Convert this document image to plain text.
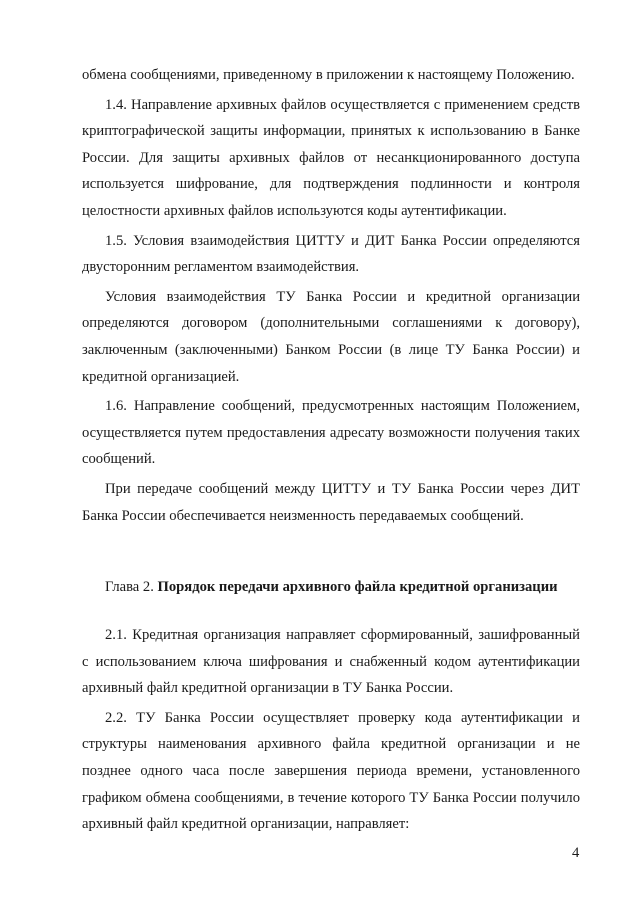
обмена сообщениями, приведенному в приложении к настоящему Положению.

1.4. Направление архивных файлов осуществляется с применением средств криптографической защиты информации, принятых к использованию в Банке России. Для защиты архивных файлов от несанкционированного доступа используется шифрование, для подтверждения подлинности и контроля целостности архивных файлов используются коды аутентификации.

1.5. Условия взаимодействия ЦИТТУ и ДИТ Банка России определяются двусторонним регламентом взаимодействия.

Условия взаимодействия ТУ Банка России и кредитной организации определяются договором (дополнительными соглашениями к договору), заключенным (заключенными) Банком России (в лице ТУ Банка России) и кредитной организацией.

1.6. Направление сообщений, предусмотренных настоящим Положением, осуществляется путем предоставления адресату возможности получения таких сообщений.

При передаче сообщений между ЦИТТУ и ТУ Банка России через ДИТ Банка России обеспечивается неизменность передаваемых сообщений.

Глава 2. Порядок передачи архивного файла кредитной организации

2.1. Кредитная организация направляет сформированный, зашифрованный с использованием ключа шифрования и снабженный кодом аутентификации архивный файл кредитной организации в ТУ Банка России.

2.2. ТУ Банка России осуществляет проверку кода аутентификации и структуры наименования архивного файла кредитной организации и не позднее одного часа после завершения периода времени, установленного графиком обмена сообщениями, в течение которого ТУ Банка России получило архивный файл кредитной организации, направляет:

4
